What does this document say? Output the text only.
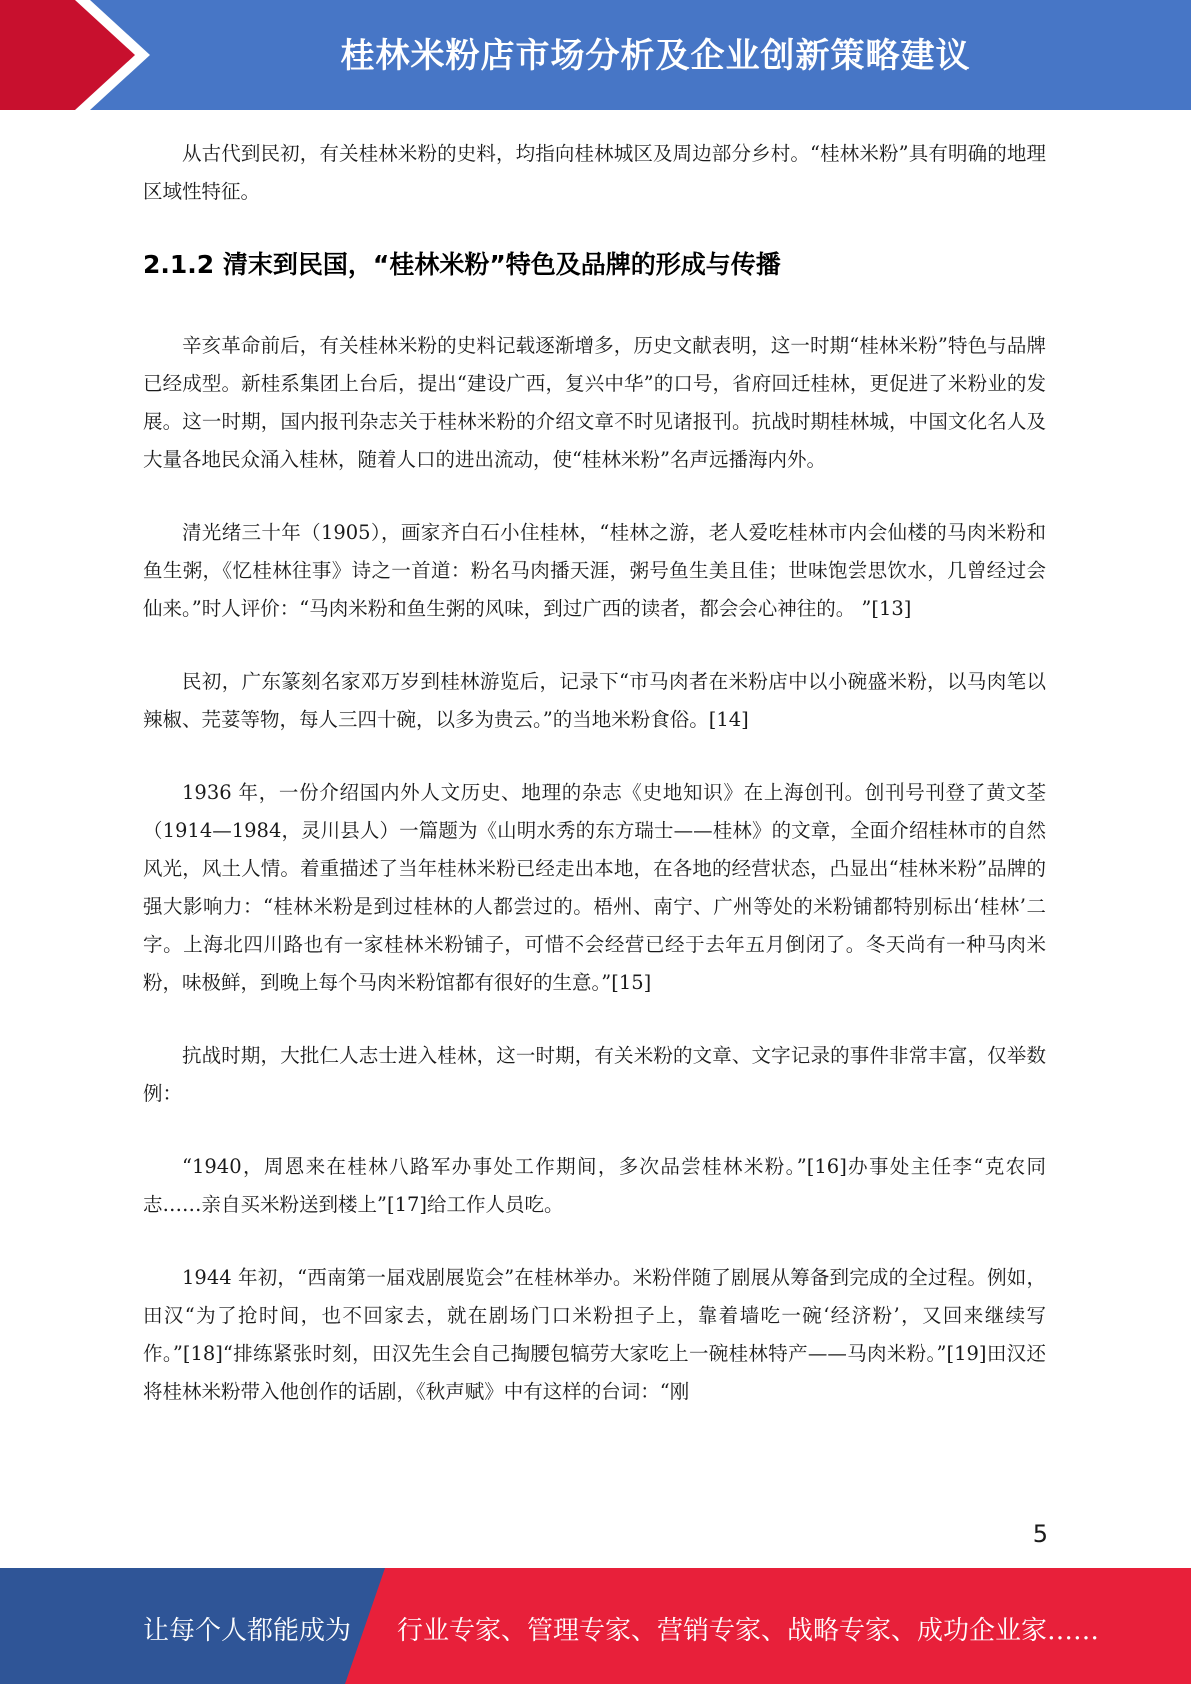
桂林米粉店市场分析及企业创新策略建议

从古代到民初，有关桂林米粉的史料，均指向桂林城区及周边部分乡村。“桂林米粉”具有明确的地理区域性特征。

2.1.2 清末到民国，“桂林米粉”特色及品牌的形成与传播

辛亥革命前后，有关桂林米粉的史料记载逐渐增多，历史文献表明，这一时期“桂林米粉”特色与品牌已经成型。新桂系集团上台后，提出“建设广西，复兴中华”的口号，省府回迁桂林，更促进了米粉业的发展。这一时期，国内报刊杂志关于桂林米粉的介绍文章不时见诸报刊。抗战时期桂林城，中国文化名人及大量各地民众涌入桂林，随着人口的进出流动，使“桂林米粉”名声远播海内外。

清光绪三十年（1905），画家齐白石小住桂林，“桂林之游，老人爱吃桂林市内会仙楼的马肉米粉和鱼生粥，《忆桂林往事》诗之一首道：粉名马肉播天涯，粥号鱼生美且佳；世味饱尝思饮水，几曾经过会仙来。”时人评价：“马肉米粉和鱼生粥的风味，到过广西的读者，都会会心神往的。 ”[13]

民初，广东篆刻名家邓万岁到桂林游览后，记录下“市马肉者在米粉店中以小碗盛米粉，以马肉笔以辣椒、芫荽等物，每人三四十碗，以多为贵云。”的当地米粉食俗。[14]

1936 年，一份介绍国内外人文历史、地理的杂志《史地知识》在上海创刊。创刊号刊登了黄文荃（1914—1984，灵川县人）一篇题为《山明水秀的东方瑞士——桂林》的文章，全面介绍桂林市的自然风光，风土人情。着重描述了当年桂林米粉已经走出本地，在各地的经营状态，凸显出“桂林米粉”品牌的强大影响力：“桂林米粉是到过桂林的人都尝过的。梧州、南宁、广州等处的米粉铺都特别标出‘桂林’二字。上海北四川路也有一家桂林米粉铺子，可惜不会经营已经于去年五月倒闭了。冬天尚有一种马肉米粉，味极鲜，到晚上每个马肉米粉馆都有很好的生意。”[15]

抗战时期，大批仁人志士进入桂林，这一时期，有关米粉的文章、文字记录的事件非常丰富，仅举数例：

“1940，周恩来在桂林八路军办事处工作期间，多次品尝桂林米粉。”[16]办事处主任李“克农同志……亲自买米粉送到楼上”[17]给工作人员吃。

1944 年初，“西南第一届戏剧展览会”在桂林举办。米粉伴随了剧展从筹备到完成的全过程。例如，田汉“为了抢时间，也不回家去，就在剧场门口米粉担子上，靠着墙吃一碗‘经济粉’，又回来继续写作。”[18]“排练紧张时刻，田汉先生会自己掏腰包犒劳大家吃上一碗桂林特产——马肉米粉。”[19]田汉还将桂林米粉带入他创作的话剧，《秋声赋》中有这样的台词：“刚

5
让每个人都能成为 行业专家、管理专家、营销专家、战略专家、成功企业家……
